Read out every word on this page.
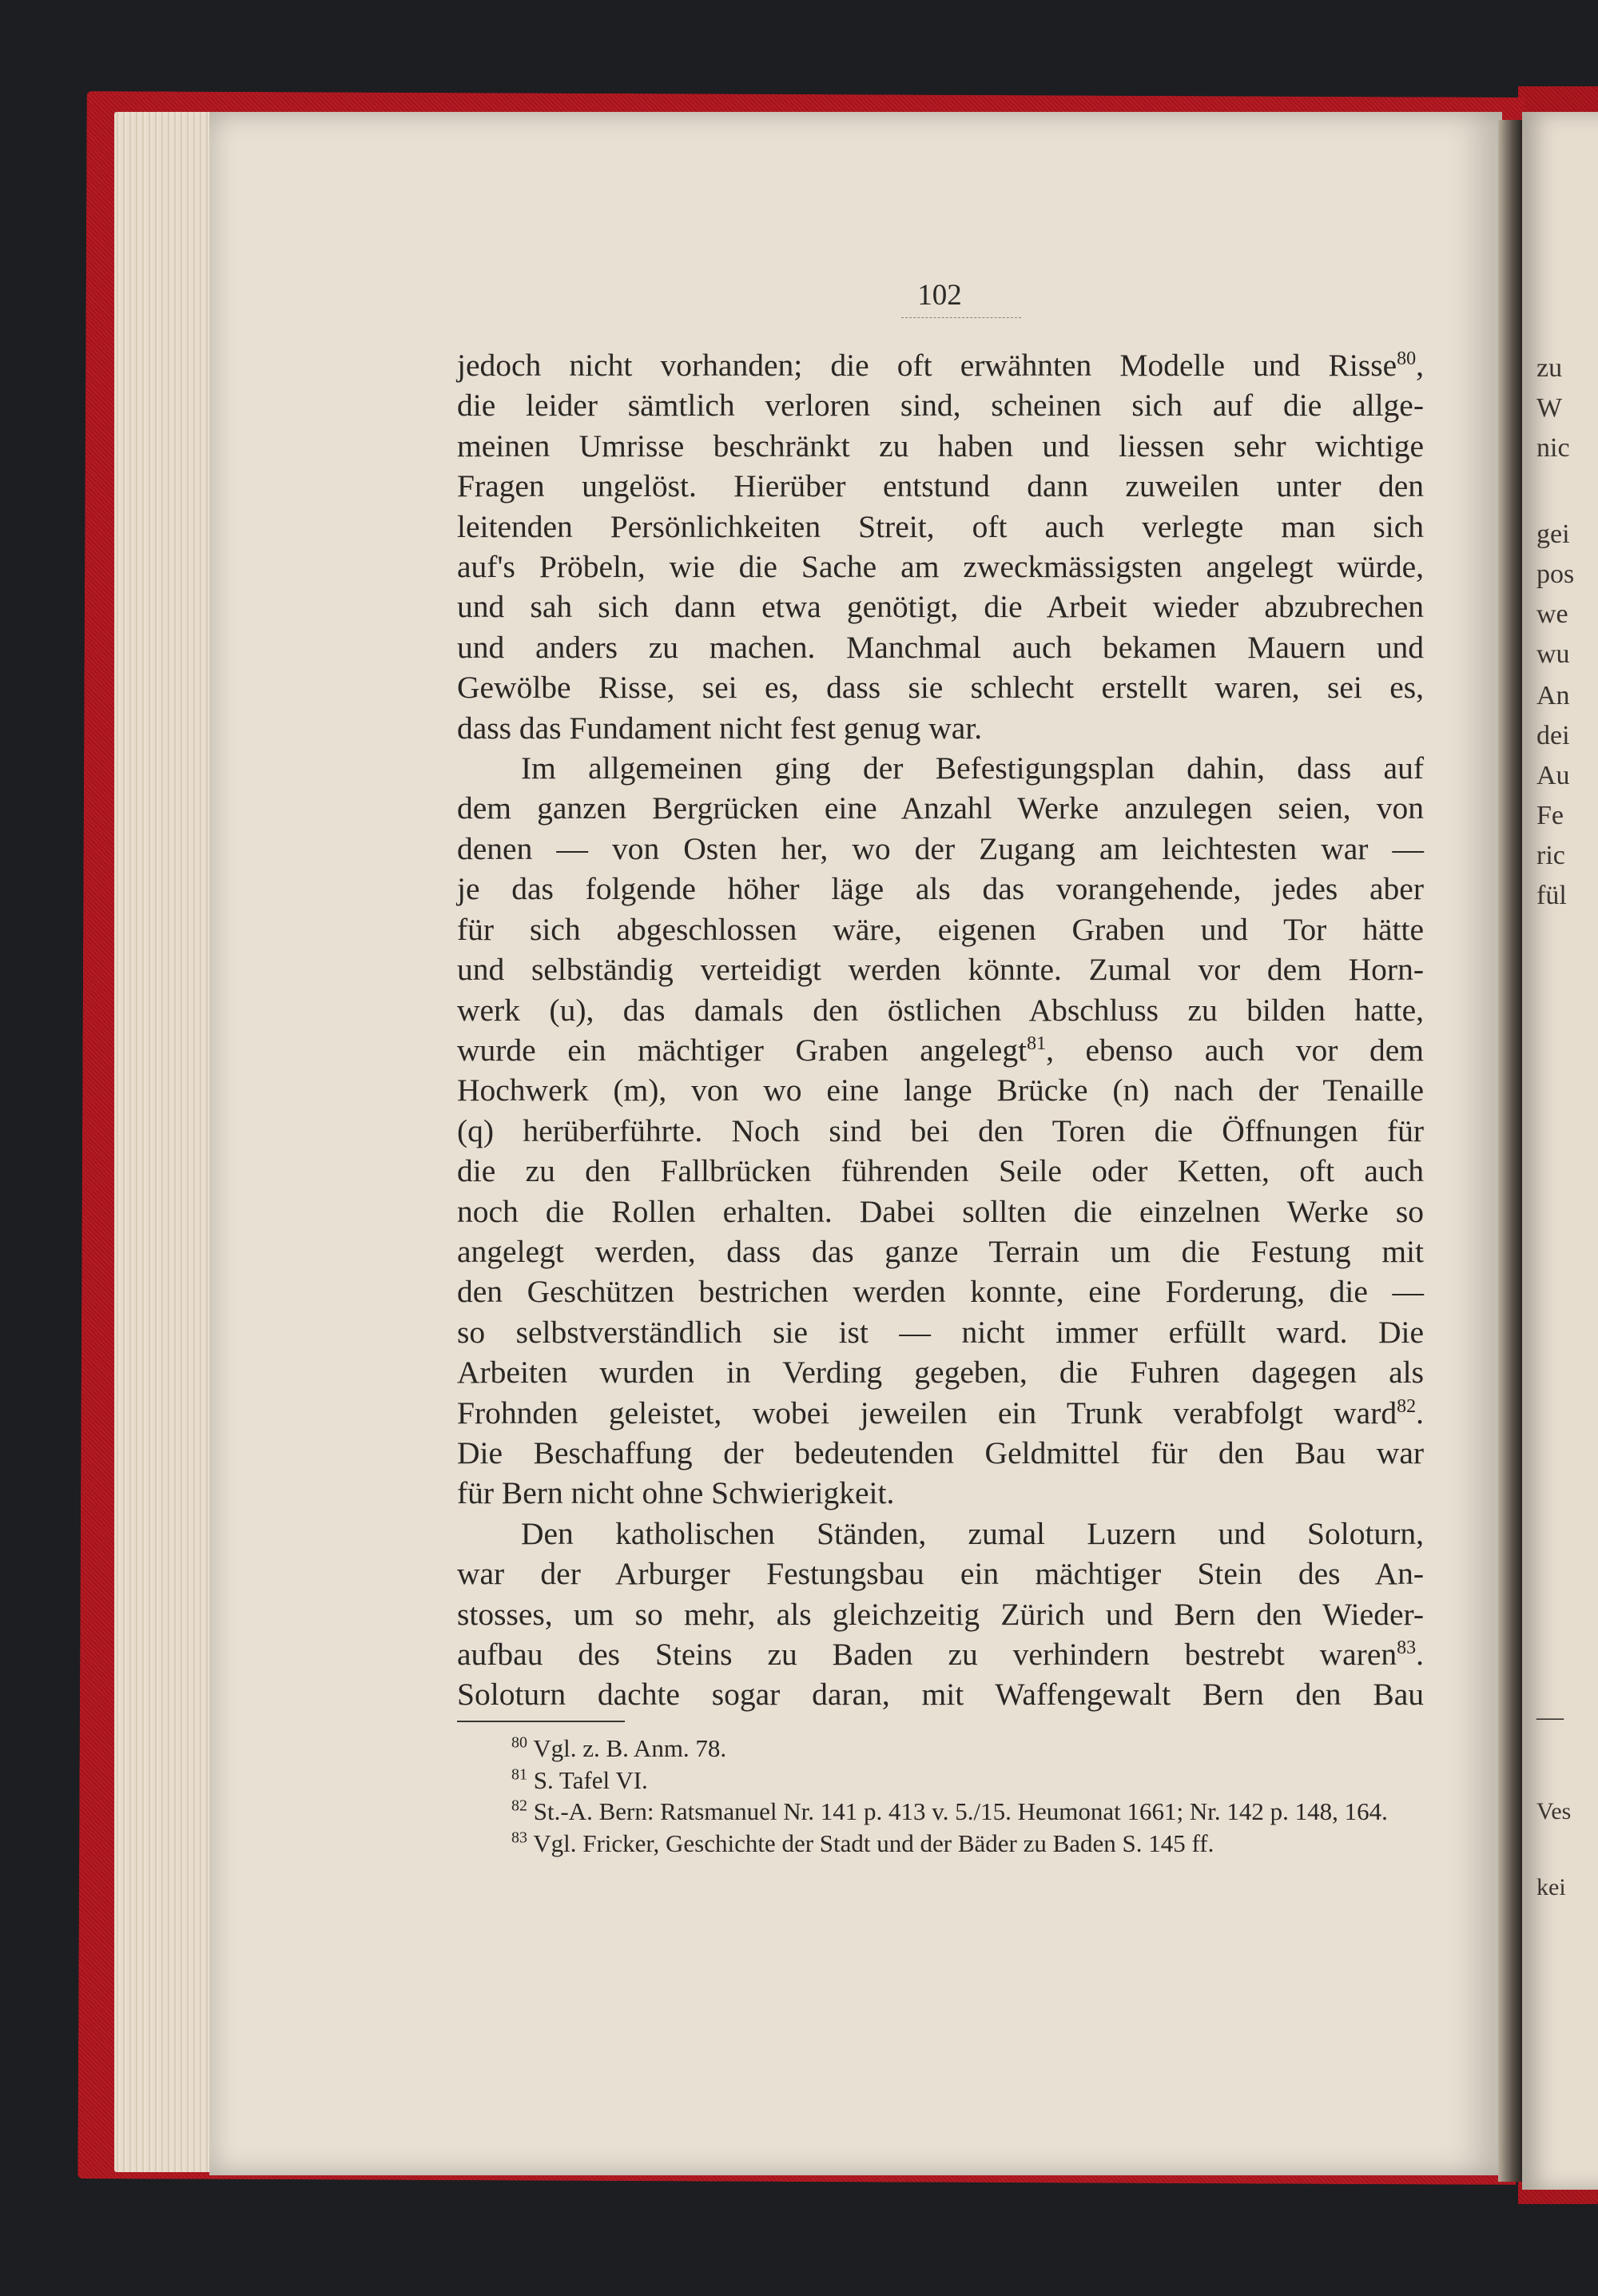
zu
W
nic
gei
pos
we
wu
An
dei
Au
Fe
ric
fül
—
Ves
kei
102

jedoch nicht vorhanden; die oft erwähnten Modelle und Risse$^{80}$,

die leider sämtlich verloren sind, scheinen sich auf die allge-

meinen Umrisse beschränkt zu haben und liessen sehr wichtige

Fragen ungelöst. Hierüber entstund dann zuweilen unter den

leitenden Persönlichkeiten Streit, oft auch verlegte man sich

auf's Pröbeln, wie die Sache am zweckmässigsten angelegt würde,

und sah sich dann etwa genötigt, die Arbeit wieder abzubrechen

und anders zu machen. Manchmal auch bekamen Mauern und

Gewölbe Risse, sei es, dass sie schlecht erstellt waren, sei es,

dass das Fundament nicht fest genug war.

Im allgemeinen ging der Befestigungsplan dahin, dass auf

dem ganzen Bergrücken eine Anzahl Werke anzulegen seien, von

denen — von Osten her, wo der Zugang am leichtesten war —

je das folgende höher läge als das vorangehende, jedes aber

für sich abgeschlossen wäre, eigenen Graben und Tor hätte

und selbständig verteidigt werden könnte. Zumal vor dem Horn-

werk (u), das damals den östlichen Abschluss zu bilden hatte,

wurde ein mächtiger Graben angelegt$^{81}$, ebenso auch vor dem

Hochwerk (m), von wo eine lange Brücke (n) nach der Tenaille

(q) herüberführte. Noch sind bei den Toren die Öffnungen für

die zu den Fallbrücken führenden Seile oder Ketten, oft auch

noch die Rollen erhalten. Dabei sollten die einzelnen Werke so

angelegt werden, dass das ganze Terrain um die Festung mit

den Geschützen bestrichen werden konnte, eine Forderung, die —

so selbstverständlich sie ist — nicht immer erfüllt ward. Die

Arbeiten wurden in Verding gegeben, die Fuhren dagegen als

Frohnden geleistet, wobei jeweilen ein Trunk verabfolgt ward$^{82}$.

Die Beschaffung der bedeutenden Geldmittel für den Bau war

für Bern nicht ohne Schwierigkeit.

Den katholischen Ständen, zumal Luzern und Soloturn,

war der Arburger Festungsbau ein mächtiger Stein des An-

stosses, um so mehr, als gleichzeitig Zürich und Bern den Wieder-

aufbau des Steins zu Baden zu verhindern bestrebt waren$^{83}$.

Soloturn dachte sogar daran, mit Waffengewalt Bern den Bau

$^{80}$ Vgl. z. B. Anm. 78.

$^{81}$ S. Tafel VI.

$^{82}$ St.-A. Bern: Ratsmanuel Nr. 141 p. 413 v. 5./15. Heumonat 1661; Nr. 142 p. 148, 164.

$^{83}$ Vgl. Fricker, Geschichte der Stadt und der Bäder zu Baden S. 145 ff.
